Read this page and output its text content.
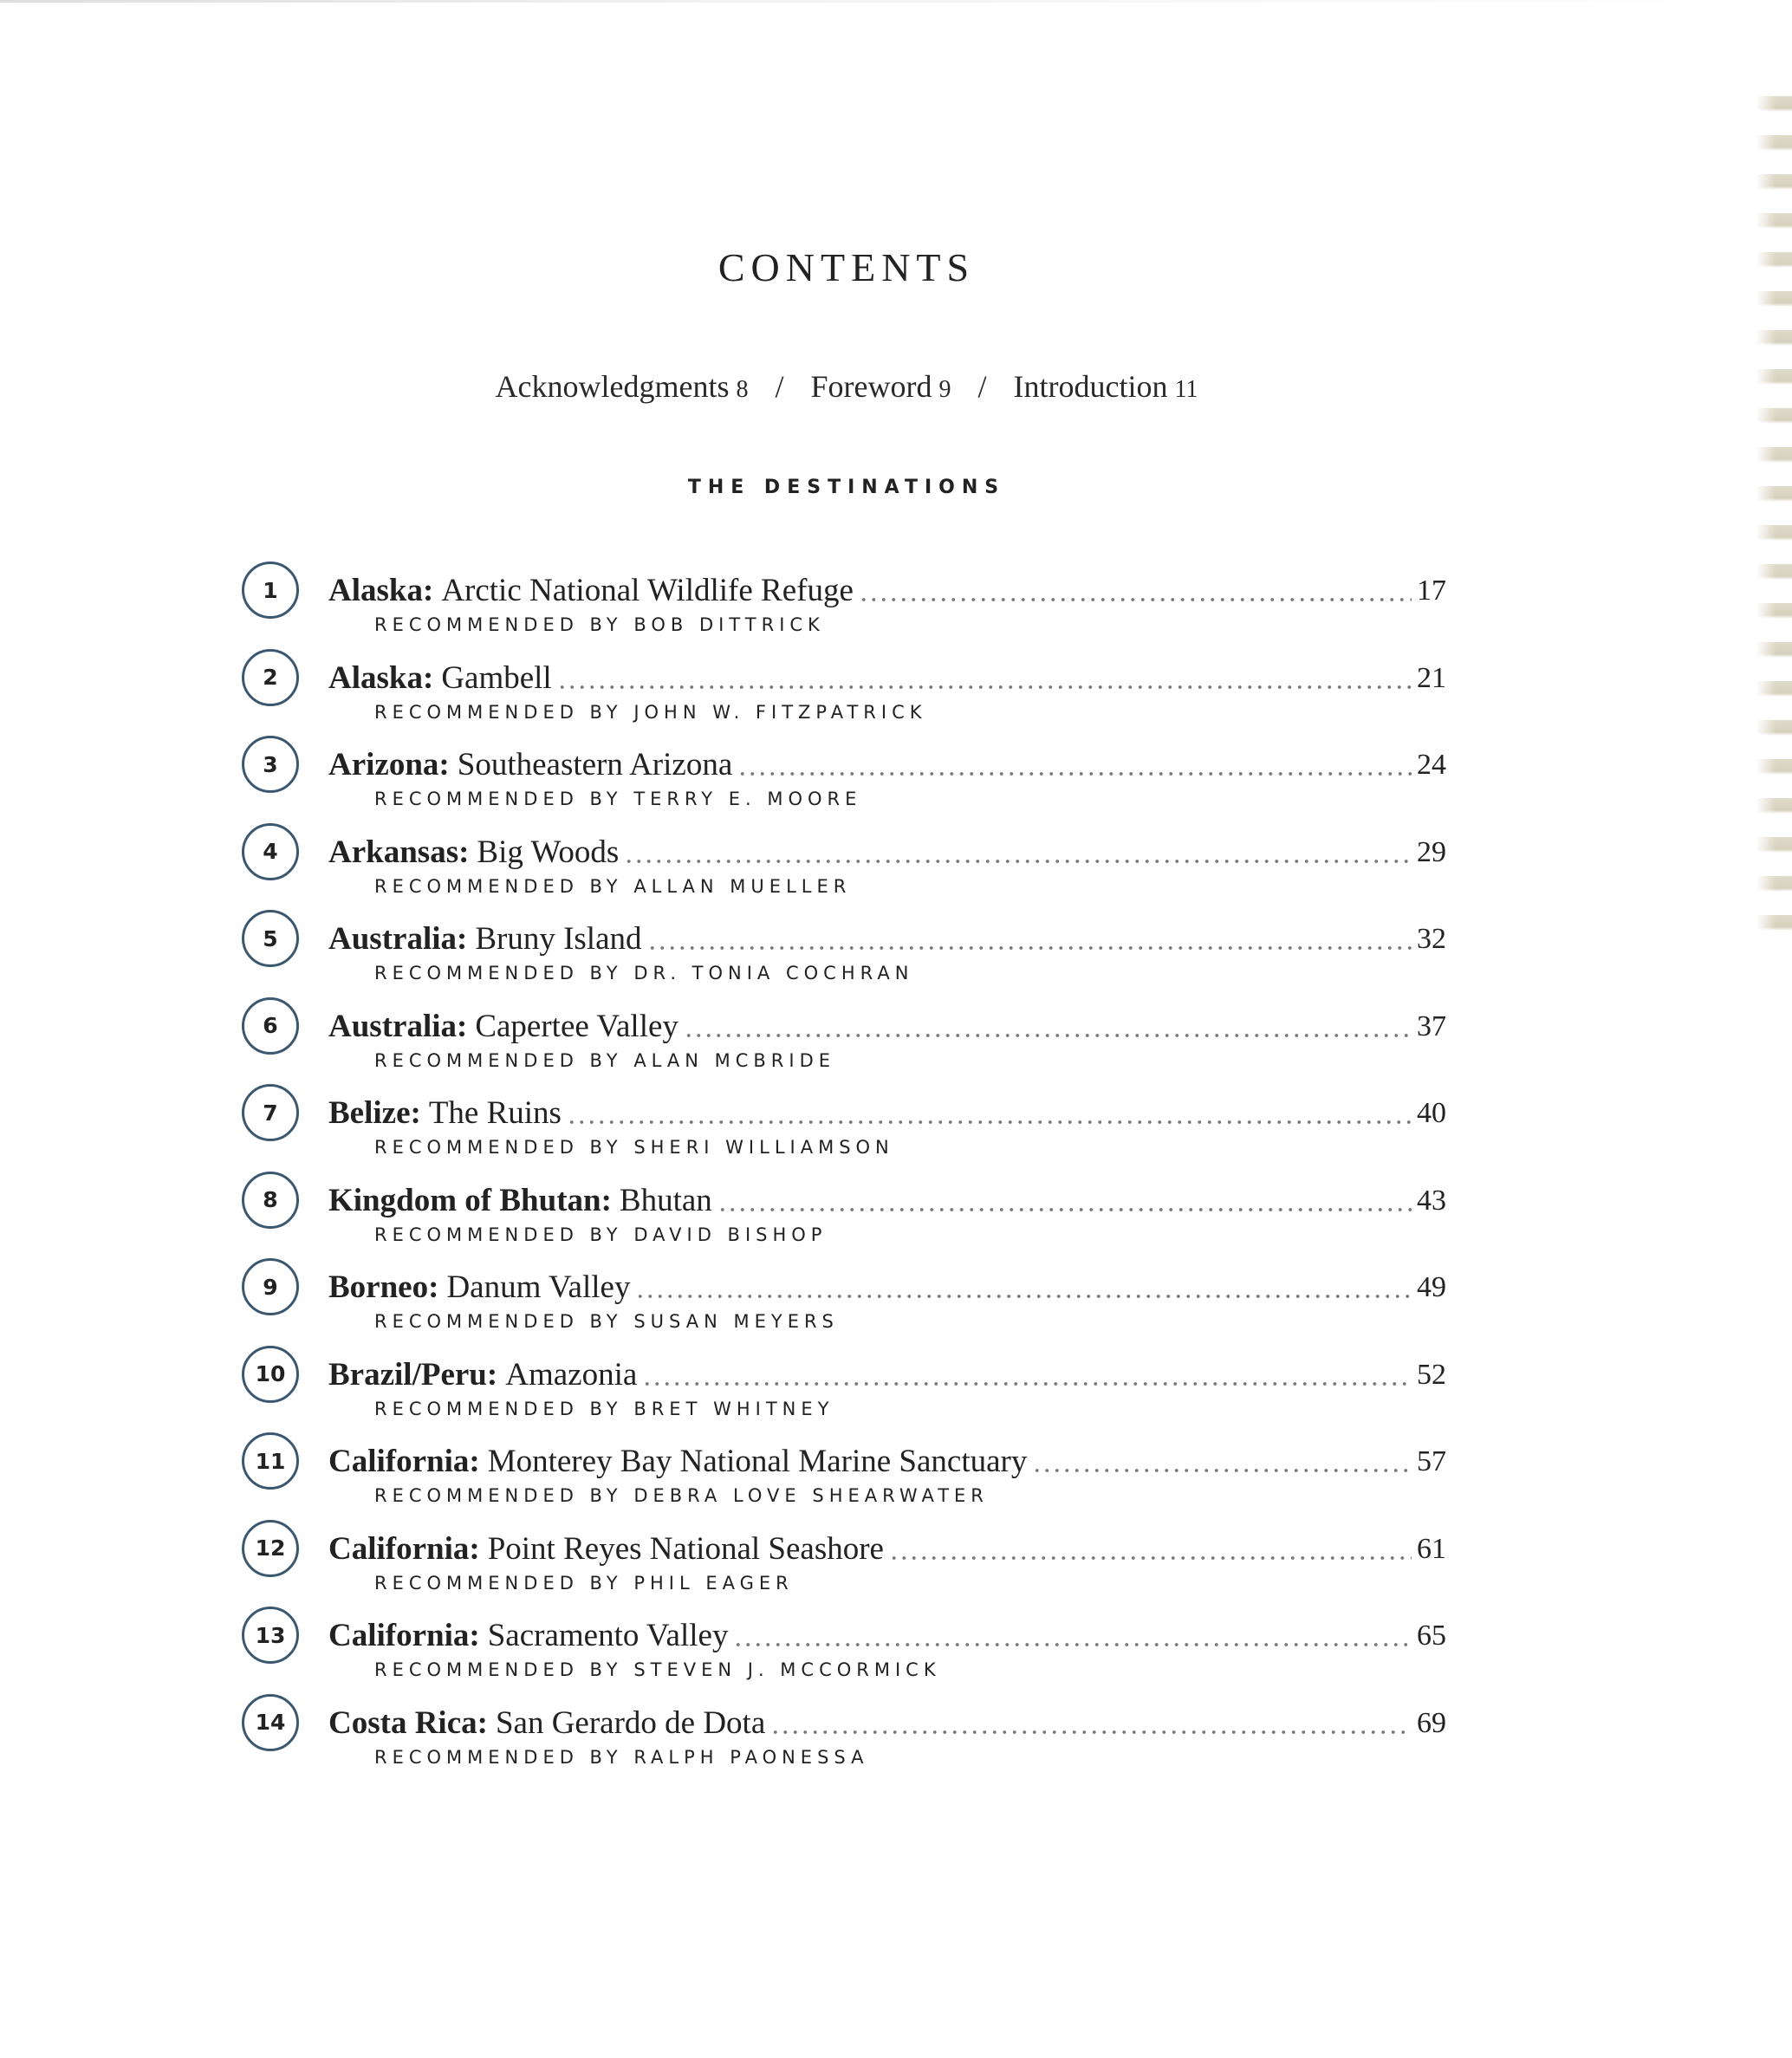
CONTENTS
Acknowledgments 8 / Foreword 9 / Introduction 11
THE DESTINATIONS
1	Alaska: Arctic National Wildlife Refuge	17
RECOMMENDED BY BOB DITTRICK
2	Alaska: Gambell	21
RECOMMENDED BY JOHN W. FITZPATRICK
3	Arizona: Southeastern Arizona	24
RECOMMENDED BY TERRY E. MOORE
4	Arkansas: Big Woods	29
RECOMMENDED BY ALLAN MUELLER
5	Australia: Bruny Island	32
RECOMMENDED BY DR. TONIA COCHRAN
6	Australia: Capertee Valley	37
RECOMMENDED BY ALAN MCBRIDE
7	Belize: The Ruins	40
RECOMMENDED BY SHERI WILLIAMSON
8	Kingdom of Bhutan: Bhutan	43
RECOMMENDED BY DAVID BISHOP
9	Borneo: Danum Valley	49
RECOMMENDED BY SUSAN MEYERS
10	Brazil/Peru: Amazonia	52
RECOMMENDED BY BRET WHITNEY
11	California: Monterey Bay National Marine Sanctuary	57
RECOMMENDED BY DEBRA LOVE SHEARWATER
12	California: Point Reyes National Seashore	61
RECOMMENDED BY PHIL EAGER
13	California: Sacramento Valley	65
RECOMMENDED BY STEVEN J. MCCORMICK
14	Costa Rica: San Gerardo de Dota	69
RECOMMENDED BY RALPH PAONESSA
